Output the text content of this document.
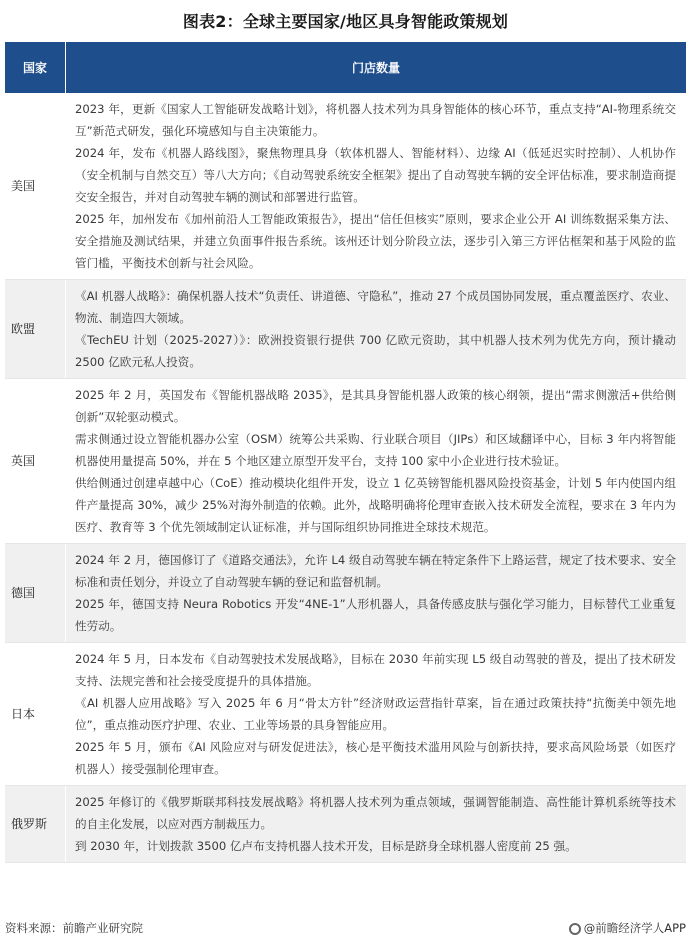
图表2：全球主要国家/地区具身智能政策规划
国家	门店数量
美国	2023 年，更新《国家人工智能研发战略计划》，将机器人技术列为具身智能体的核心环节，重点支持“AI-物理系统交互”新范式研发，强化环境感知与自主决策能力。
2024 年，发布《机器人路线图》，聚焦物理具身（软体机器人、智能材料）、边缘 AI（低延迟实时控制）、人机协作（安全机制与自然交互）等八大方向；《自动驾驶系统安全框架》提出了自动驾驶车辆的安全评估标准，要求制造商提交安全报告，并对自动驾驶车辆的测试和部署进行监管。
2025 年，加州发布《加州前沿人工智能政策报告》，提出“信任但核实”原则，要求企业公开 AI 训练数据采集方法、安全措施及测试结果，并建立负面事件报告系统。该州还计划分阶段立法，逐步引入第三方评估框架和基于风险的监管门槛，平衡技术创新与社会风险。

欧盟	《AI 机器人战略》：确保机器人技术“负责任、讲道德、守隐私”，推动 27 个成员国协同发展，重点覆盖医疗、农业、物流、制造四大领域。
《TechEU 计划（2025-2027）》：欧洲投资银行提供 700 亿欧元资助，其中机器人技术列为优先方向，预计撬动 2500 亿欧元私人投资。

英国	2025 年 2 月，英国发布《智能机器战略 2035》，是其具身智能机器人政策的核心纲领，提出“需求侧激活+供给侧创新”双轮驱动模式。
需求侧通过设立智能机器办公室（OSM）统筹公共采购、行业联合项目（JIPs）和区域翻译中心，目标 3 年内将智能机器使用量提高 50%，并在 5 个地区建立原型开发平台，支持 100 家中小企业进行技术验证。
供给侧通过创建卓越中心（CoE）推动模块化组件开发，设立 1 亿英镑智能机器风险投资基金，计划 5 年内使国内组件产量提高 30%，减少 25%对海外制造的依赖。此外，战略明确将伦理审查嵌入技术研发全流程，要求在 3 年内为医疗、教育等 3 个优先领域制定认证标准，并与国际组织协同推进全球技术规范。

德国	2024 年 2 月，德国修订了《道路交通法》，允许 L4 级自动驾驶车辆在特定条件下上路运营，规定了技术要求、安全标准和责任划分，并设立了自动驾驶车辆的登记和监督机制。
2025 年，德国支持 Neura Robotics 开发“4NE-1”人形机器人，具备传感皮肤与强化学习能力，目标替代工业重复性劳动。

日本	2024 年 5 月，日本发布《自动驾驶技术发展战略》，目标在 2030 年前实现 L5 级自动驾驶的普及，提出了技术研发支持、法规完善和社会接受度提升的具体措施。
《AI 机器人应用战略》写入 2025 年 6 月“骨太方针”经济财政运营指针草案，旨在通过政策扶持“抗衡美中领先地位”，重点推动医疗护理、农业、工业等场景的具身智能应用。
2025 年 5 月，颁布《AI 风险应对与研发促进法》，核心是平衡技术滥用风险与创新扶持，要求高风险场景（如医疗机器人）接受强制伦理审查。

俄罗斯	2025 年修订的《俄罗斯联邦科技发展战略》将机器人技术列为重点领域，强调智能制造、高性能计算机系统等技术的自主化发展，以应对西方制裁压力。
到 2030 年，计划拨款 3500 亿卢布支持机器人技术开发，目标是跻身全球机器人密度前 25 强。
资料来源：前瞻产业研究院	@前瞻经济学人APP
